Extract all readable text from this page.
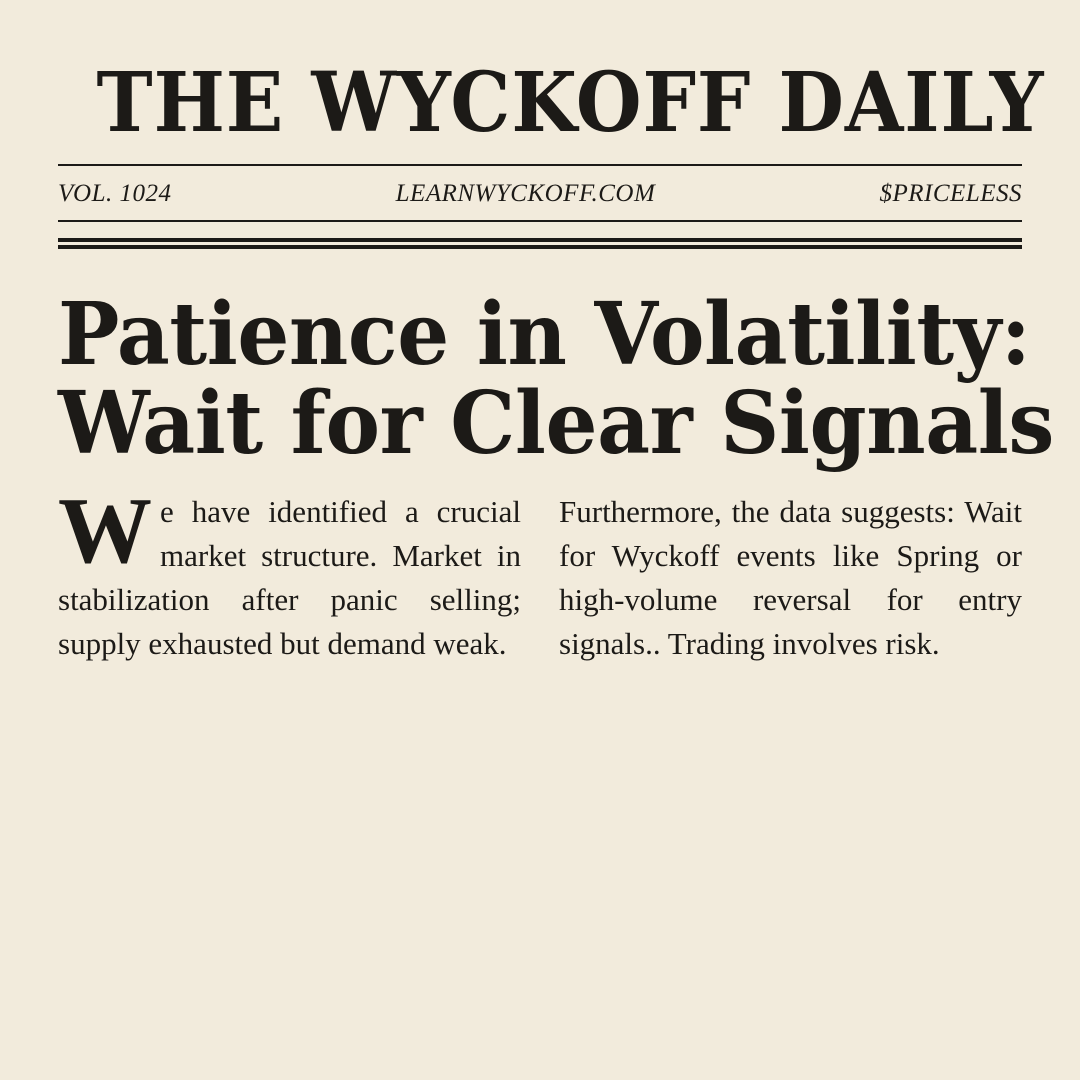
THE WYCKOFF DAILY
VOL. 1024	LEARNWYCKOFF.COM	$PRICELESS
Patience in Volatility:
Wait for Clear Signals

We have identified a crucial market structure. Market in stabilization after panic selling; supply exhausted but demand weak.

Furthermore, the data suggests: Wait for Wyckoff events like Spring or high-volume reversal for entry signals.. Trading involves risk.
